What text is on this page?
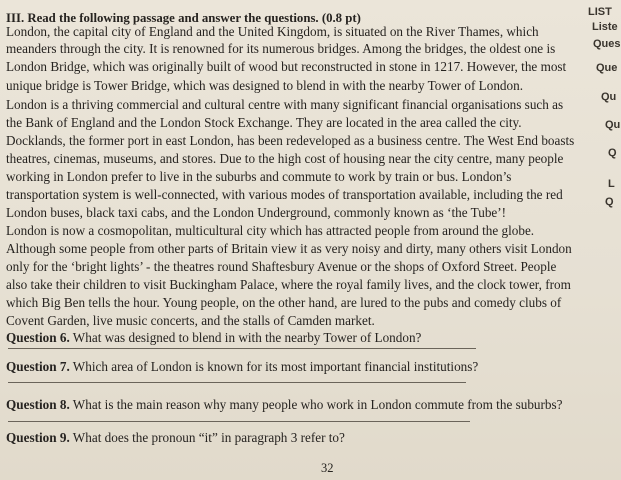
LIST
Liste
Ques
Que
Qu
Qu
Q
L
Q
III. Read the following passage and answer the questions. (0.8 pt)
London, the capital city of England and the United Kingdom, is situated on the River Thames, which
meanders through the city. It is renowned for its numerous bridges. Among the bridges, the oldest one is
London Bridge, which was originally built of wood but reconstructed in stone in 1217. However, the most
unique bridge is Tower Bridge, which was designed to blend in with the nearby Tower of London.
London is a thriving commercial and cultural centre with many significant financial organisations such as
the Bank of England and the London Stock Exchange. They are located in the area called the city.
Docklands, the former port in east London, has been redeveloped as a business centre. The West End boasts
theatres, cinemas, museums, and stores. Due to the high cost of housing near the city centre, many people
working in London prefer to live in the suburbs and commute to work by train or bus. London’s
transportation system is well-connected, with various modes of transportation available, including the red
London buses, black taxi cabs, and the London Underground, commonly known as ‘the Tube’!
London is now a cosmopolitan, multicultural city which has attracted people from around the globe.
Although some people from other parts of Britain view it as very noisy and dirty, many others visit London
only for the ‘bright lights’ - the theatres round Shaftesbury Avenue or the shops of Oxford Street. People
also take their children to visit Buckingham Palace, where the royal family lives, and the clock tower, from
which Big Ben tells the hour. Young people, on the other hand, are lured to the pubs and comedy clubs of
Covent Garden, live music concerts, and the stalls of Camden market.
Question 6. What was designed to blend in with the nearby Tower of London?
Question 7. Which area of London is known for its most important financial institutions?
Question 8. What is the main reason why many people who work in London commute from the suburbs?
Question 9. What does the pronoun “it” in paragraph 3 refer to?
32
